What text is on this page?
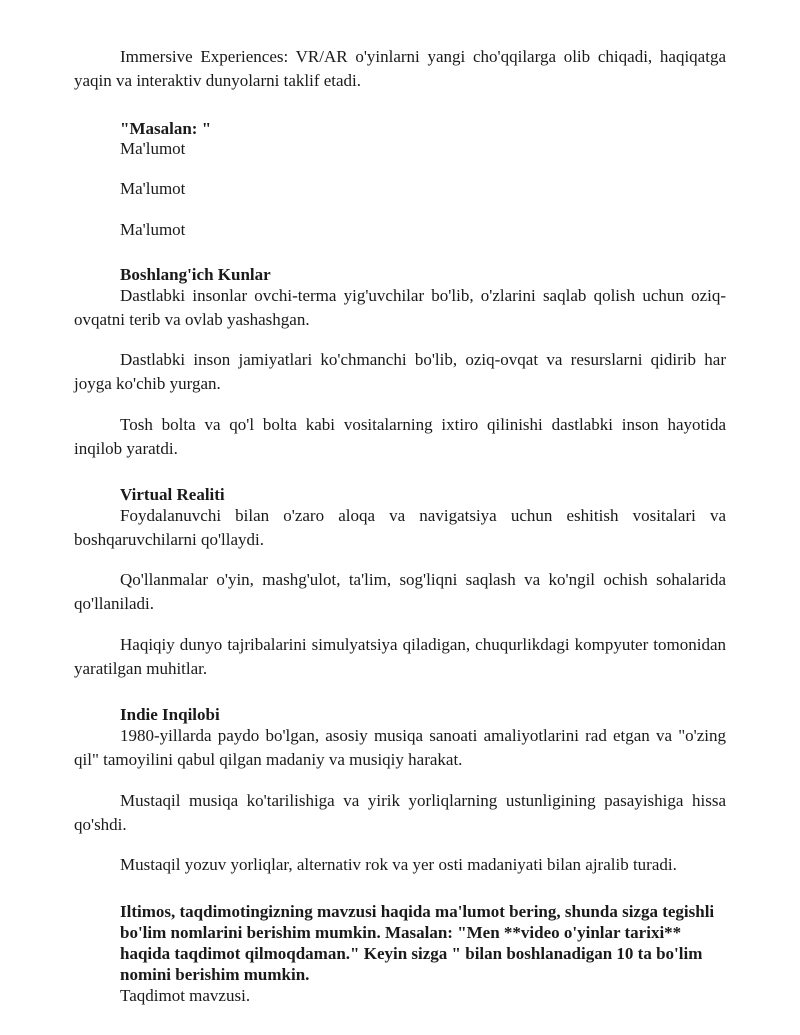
Immersive Experiences: VR/AR o'yinlarni yangi cho'qqilarga olib chiqadi, haqiqatga yaqin va interaktiv dunyolarni taklif etadi.

"Masalan: "

Ma'lumot

Ma'lumot

Ma'lumot

Boshlang'ich Kunlar

Dastlabki insonlar ovchi-terma yig'uvchilar bo'lib, o'zlarini saqlab qolish uchun oziq-ovqatni terib va ovlab yashashgan.

Dastlabki inson jamiyatlari ko'chmanchi bo'lib, oziq-ovqat va resurslarni qidirib har joyga ko'chib yurgan.

Tosh bolta va qo'l bolta kabi vositalarning ixtiro qilinishi dastlabki inson hayotida inqilob yaratdi.

Virtual Realiti

Foydalanuvchi bilan o'zaro aloqa va navigatsiya uchun eshitish vositalari va boshqaruvchilarni qo'llaydi.

Qo'llanmalar o'yin, mashg'ulot, ta'lim, sog'liqni saqlash va ko'ngil ochish sohalarida qo'llaniladi.

Haqiqiy dunyo tajribalarini simulyatsiya qiladigan, chuqurlikdagi kompyuter tomonidan yaratilgan muhitlar.

Indie Inqilobi

1980-yillarda paydo bo'lgan, asosiy musiqa sanoati amaliyotlarini rad etgan va "o'zing qil" tamoyilini qabul qilgan madaniy va musiqiy harakat.

Mustaqil musiqa ko'tarilishiga va yirik yorliqlarning ustunligining pasayishiga hissa qo'shdi.

Mustaqil yozuv yorliqlar, alternativ rok va yer osti madaniyati bilan ajralib turadi.

Iltimos, taqdimotingizning mavzusi haqida ma'lumot bering, shunda sizga tegishli bo'lim nomlarini berishim mumkin. Masalan: "Men **video o'yinlar tarixi** haqida taqdimot qilmoqdaman." Keyin sizga " bilan boshlanadigan 10 ta bo'lim nomini berishim mumkin.

Taqdimot mavzusi.
